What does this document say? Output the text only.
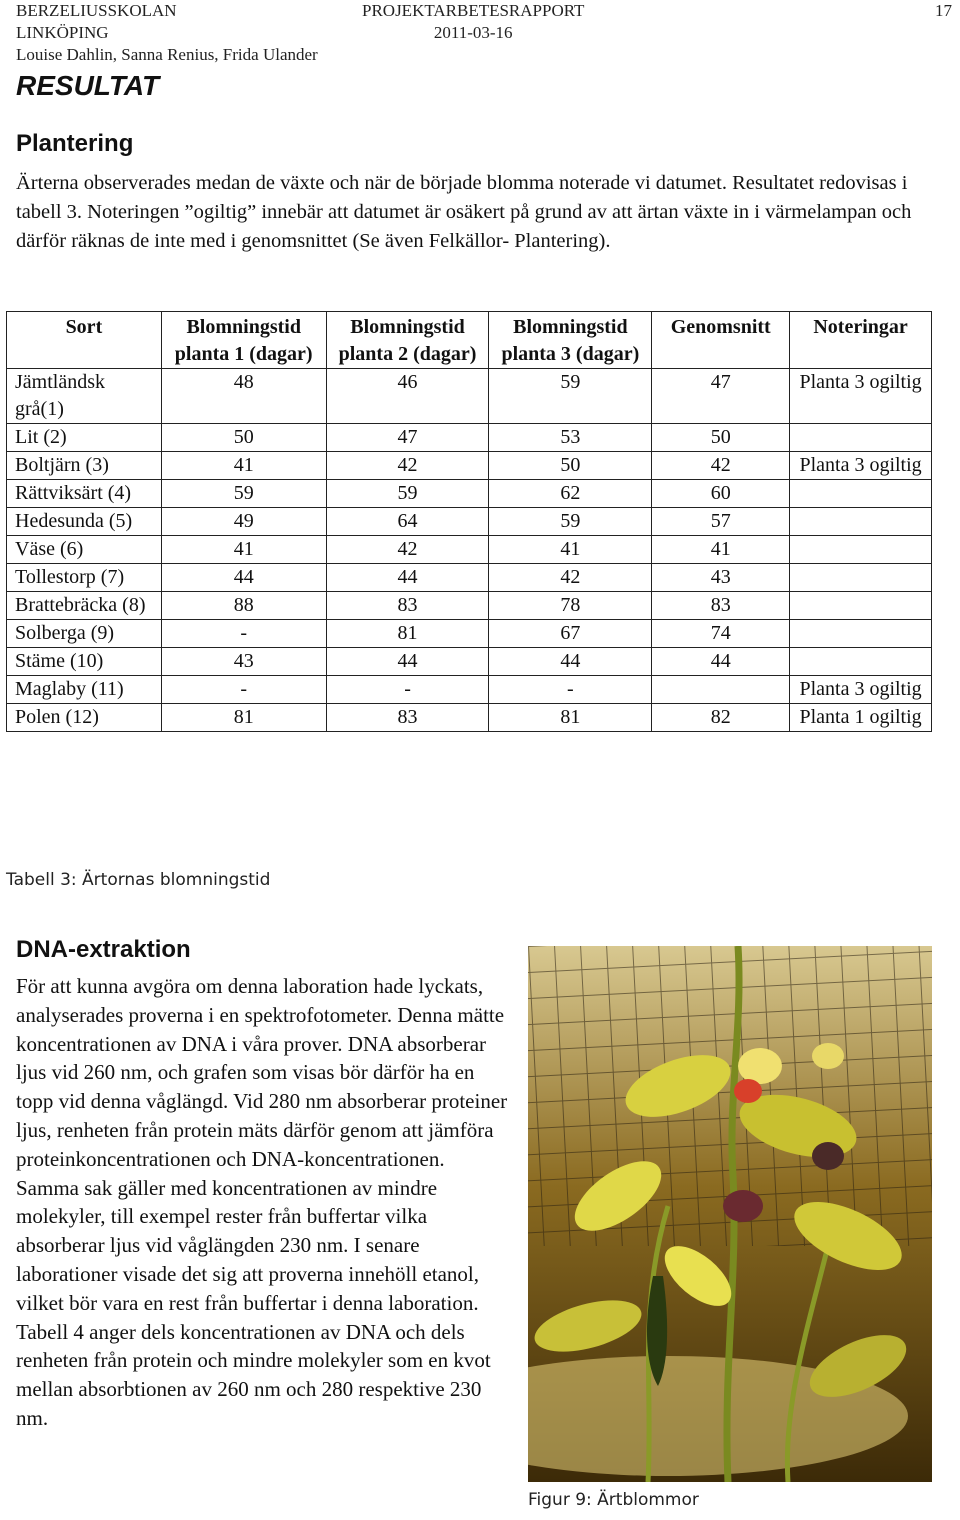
BERZELIUSSKOLAN
LINKÖPING
Louise Dahlin, Sanna Renius, Frida Ulander
PROJEKTARBETESRAPPORT
2011-03-16
17
RESULTAT
Plantering

Ärterna observerades medan de växte och när de började blomma noterade vi datumet. Resultatet redovisas i tabell 3. Noteringen ”ogiltig” innebär att datumet är osäkert på grund av att ärtan växte in i värmelampan och därför räknas de inte med i genomsnittet (Se även Felkällor- Plantering).

Sort	Blomningstid planta 1 (dagar)	Blomningstid planta 2 (dagar)	Blomningstid planta 3 (dagar)	Genomsnitt	Noteringar
Jämtländsk grå(1)	48	46	59	47	Planta 3 ogiltig
Lit (2)	50	47	53	50	
Boltjärn (3)	41	42	50	42	Planta 3 ogiltig
Rättviksärt (4)	59	59	62	60	
Hedesunda (5)	49	64	59	57	
Väse (6)	41	42	41	41	
Tollestorp (7)	44	44	42	43	
Brattebräcka (8)	88	83	78	83	
Solberga (9)	-	81	67	74	
Stäme (10)	43	44	44	44	
Maglaby (11)	-	-	-		Planta 3 ogiltig
Polen (12)	81	83	81	82	Planta 1 ogiltig
Tabell 3: Ärtornas blomningstid
DNA-extraktion

För att kunna avgöra om denna laboration hade lyckats, analyserades proverna i en spektrofotometer. Denna mätte koncentrationen av DNA i våra prover. DNA absorberar ljus vid 260 nm, och grafen som visas bör därför ha en topp vid denna våglängd. Vid 280 nm absorberar proteiner ljus, renheten från protein mäts därför genom att jämföra proteinkoncentrationen och DNA-koncentrationen. Samma sak gäller med koncentrationen av mindre molekyler, till exempel rester från buffertar vilka absorberar ljus vid våglängden 230 nm. I senare laborationer visade det sig att proverna innehöll etanol, vilket bör vara en rest från buffertar i denna laboration. Tabell 4 anger dels koncentrationen av DNA och dels renheten från protein och mindre molekyler som en kvot mellan absorbtionen av 260 nm och 280 respektive 230 nm.

Figur 9: Ärtblommor
